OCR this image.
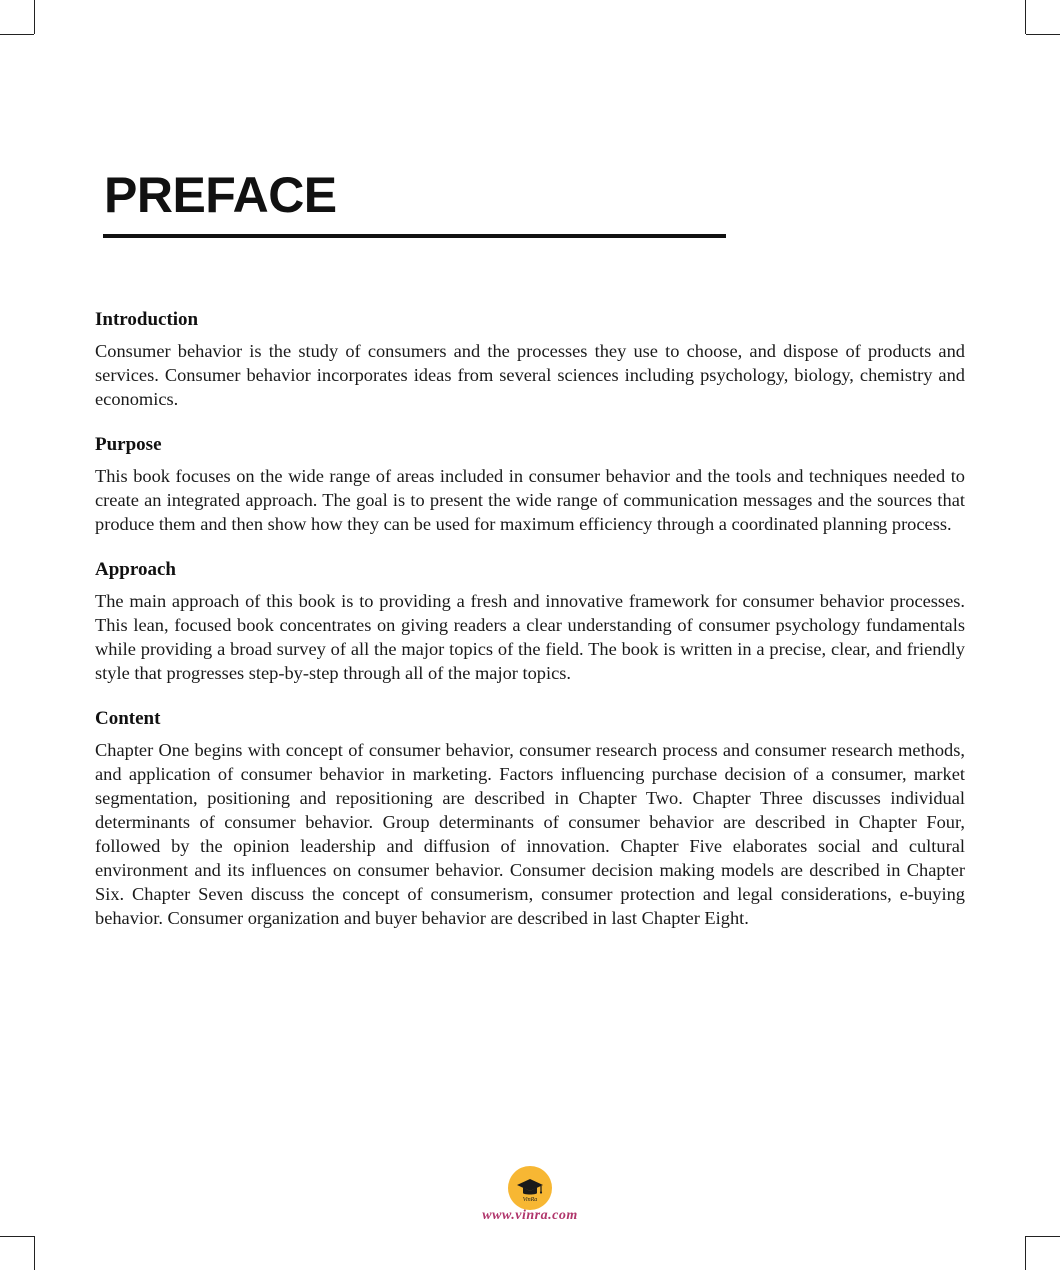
PREFACE
Introduction

Consumer behavior is the study of consumers and the processes they use to choose, and dispose of products and services. Consumer behavior incorporates ideas from several sciences including psychology, biology, chemistry and economics.

Purpose

This book focuses on the wide range of areas included in consumer behavior and the tools and techniques needed to create an integrated approach. The goal is to present the wide range of communication messages and the sources that produce them and then show how they can be used for maximum efficiency through a coordinated planning process.

Approach

The main approach of this book is to providing a fresh and innovative framework for consumer behavior processes. This lean, focused book concentrates on giving readers a clear understanding of consumer psychology fundamentals while providing a broad survey of all the major topics of the field. The book is written in a precise, clear, and friendly style that progresses step-by-step through all of the major topics.

Content

Chapter One begins with concept of consumer behavior, consumer research process and consumer research methods, and application of consumer behavior in marketing. Factors influencing purchase decision of a consumer, market segmentation, positioning and repositioning are described in Chapter Two. Chapter Three discusses individual determinants of consumer behavior. Group determinants of consumer behavior are described in Chapter Four, followed by the opinion leadership and diffusion of innovation. Chapter Five elaborates social and cultural environment and its influences on consumer behavior. Consumer decision making models are described in Chapter Six. Chapter Seven discuss the concept of consumerism, consumer protection and legal considerations, e-buying behavior. Consumer organization and buyer behavior are described in last Chapter Eight.

VinRa
www.vinra.com
